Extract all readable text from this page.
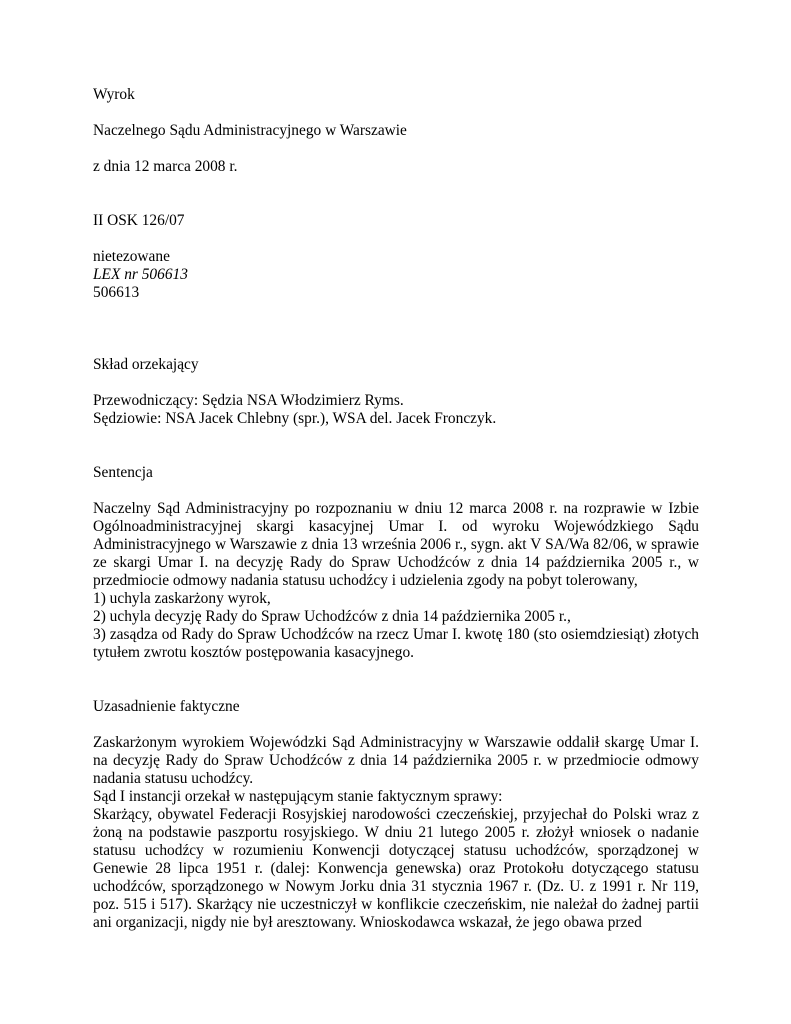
Wyrok

Naczelnego Sądu Administracyjnego w Warszawie

z dnia 12 marca 2008 r.

II OSK 126/07

nietezowane

LEX nr 506613

506613

Skład orzekający

Przewodniczący: Sędzia NSA Włodzimierz Ryms.

Sędziowie: NSA Jacek Chlebny (spr.), WSA del. Jacek Fronczyk.

Sentencja

Naczelny Sąd Administracyjny po rozpoznaniu w dniu 12 marca 2008 r. na rozprawie w Izbie Ogólnoadministracyjnej skargi kasacyjnej Umar I. od wyroku Wojewódzkiego Sądu Administracyjnego w Warszawie z dnia 13 września 2006 r., sygn. akt V SA/Wa 82/06, w sprawie ze skargi Umar I. na decyzję Rady do Spraw Uchodźców z dnia 14 października 2005 r., w przedmiocie odmowy nadania statusu uchodźcy i udzielenia zgody na pobyt tolerowany,

1) uchyla zaskarżony wyrok,

2) uchyla decyzję Rady do Spraw Uchodźców z dnia 14 października 2005 r.,

3) zasądza od Rady do Spraw Uchodźców na rzecz Umar I. kwotę 180 (sto osiemdziesiąt) złotych tytułem zwrotu kosztów postępowania kasacyjnego.

Uzasadnienie faktyczne

Zaskarżonym wyrokiem Wojewódzki Sąd Administracyjny w Warszawie oddalił skargę Umar I. na decyzję Rady do Spraw Uchodźców z dnia 14 października 2005 r. w przedmiocie odmowy nadania statusu uchodźcy.

Sąd I instancji orzekał w następującym stanie faktycznym sprawy:

Skarżący, obywatel Federacji Rosyjskiej narodowości czeczeńskiej, przyjechał do Polski wraz z żoną na podstawie paszportu rosyjskiego. W dniu 21 lutego 2005 r. złożył wniosek o nadanie statusu uchodźcy w rozumieniu Konwencji dotyczącej statusu uchodźców, sporządzonej w Genewie 28 lipca 1951 r. (dalej: Konwencja genewska) oraz Protokołu dotyczącego statusu uchodźców, sporządzonego w Nowym Jorku dnia 31 stycznia 1967 r. (Dz. U. z 1991 r. Nr 119, poz. 515 i 517). Skarżący nie uczestniczył w konflikcie czeczeńskim, nie należał do żadnej partii ani organizacji, nigdy nie był aresztowany. Wnioskodawca wskazał, że jego obawa przed
